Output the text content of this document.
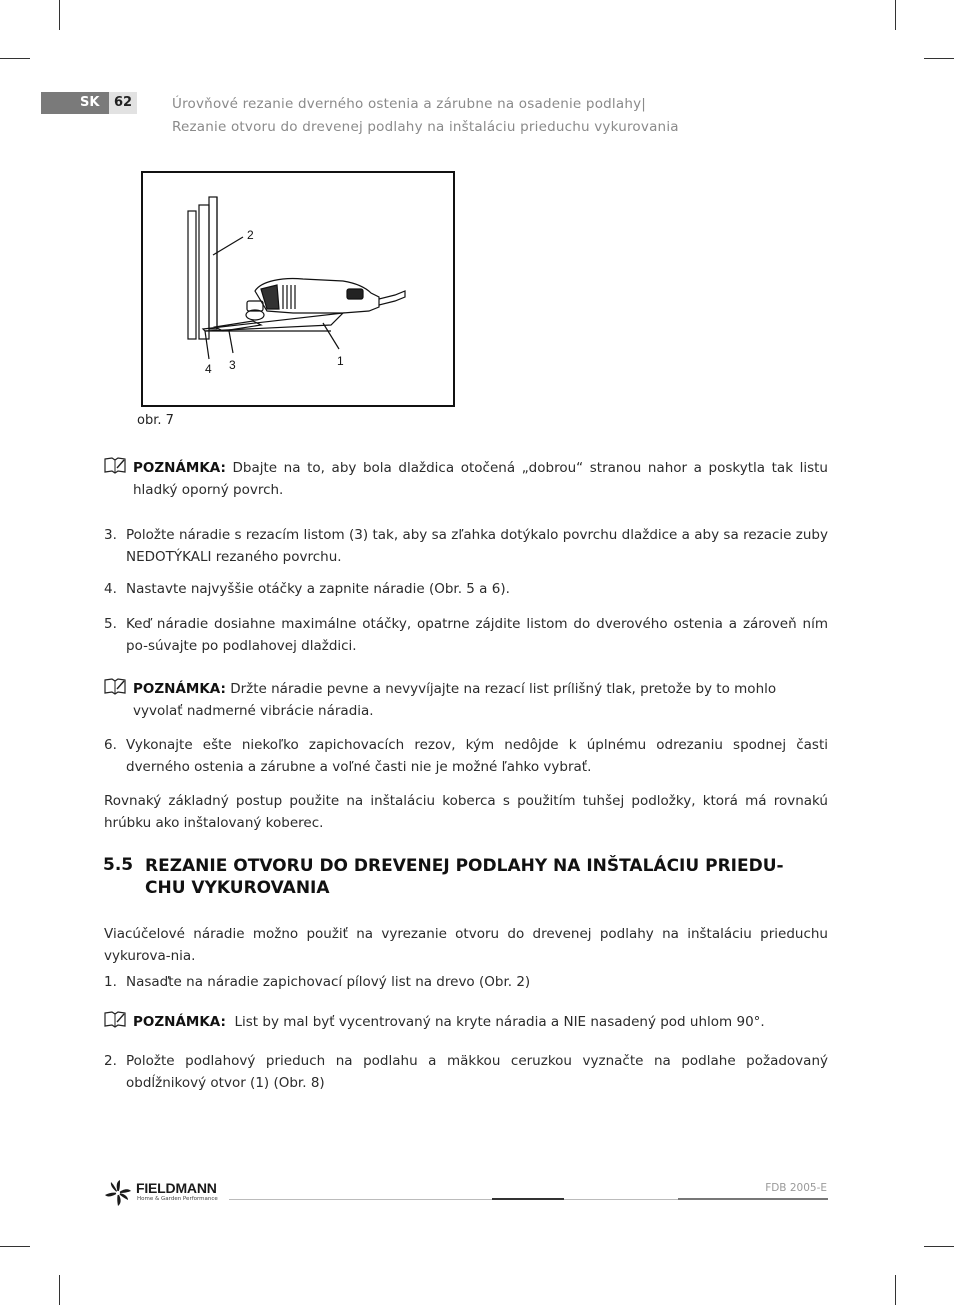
SK	62	Úrovňové rezanie dverného ostenia a zárubne na osadenie podlahy|
Rezanie otvoru do drevenej podlahy na inštaláciu prieduchu vykurovania
2
1
3
4
obr. 7
POZNÁMKA: Dbajte na to, aby bola dlaždica otočená „dobrou“ stranou nahor a poskytla tak listu hladký oporný povrch.
3. Položte náradie s rezacím listom (3) tak, aby sa zľahka dotýkalo povrchu dlaždice a aby sa rezacie zuby NEDOTÝKALI rezaného povrchu.
4. Nastavte najvyššie otáčky a zapnite náradie (Obr. 5 a 6).
5. Keď náradie dosiahne maximálne otáčky, opatrne zájdite listom do dverového ostenia a zároveň ním po-súvajte po podlahovej dlaždici.
POZNÁMKA: Držte náradie pevne a nevyvíjajte na rezací list prílišný tlak, pretože by to mohlo vyvolať nadmerné vibrácie náradia.
6. Vykonajte ešte niekoľko zapichovacích rezov, kým nedôjde k úplnému odrezaniu spodnej časti dverného ostenia a zárubne a voľné časti nie je možné ľahko vybrať.
Rovnaký základný postup použite na inštaláciu koberca s použitím tuhšej podložky, ktorá má rovnakú hrúbku ako inštalovaný koberec.
5.5 REZANIE OTVORU DO DREVENEJ PODLAHY NA INŠTALÁCIU PRIEDU-CHU VYKUROVANIA
Viacúčelové náradie možno použiť na vyrezanie otvoru do drevenej podlahy na inštaláciu prieduchu vykurova-nia.
1. Nasaďte na náradie zapichovací pílový list na drevo (Obr. 2)
POZNÁMKA:  List by mal byť vycentrovaný na kryte náradia a NIE nasadený pod uhlom 90°.
2. Položte podlahový prieduch na podlahu a mäkkou ceruzkou vyznačte na podlahe požadovaný obdĺžnikový otvor (1) (Obr. 8)
FIELDMANN
Home & Garden Performance
FDB 2005-E
